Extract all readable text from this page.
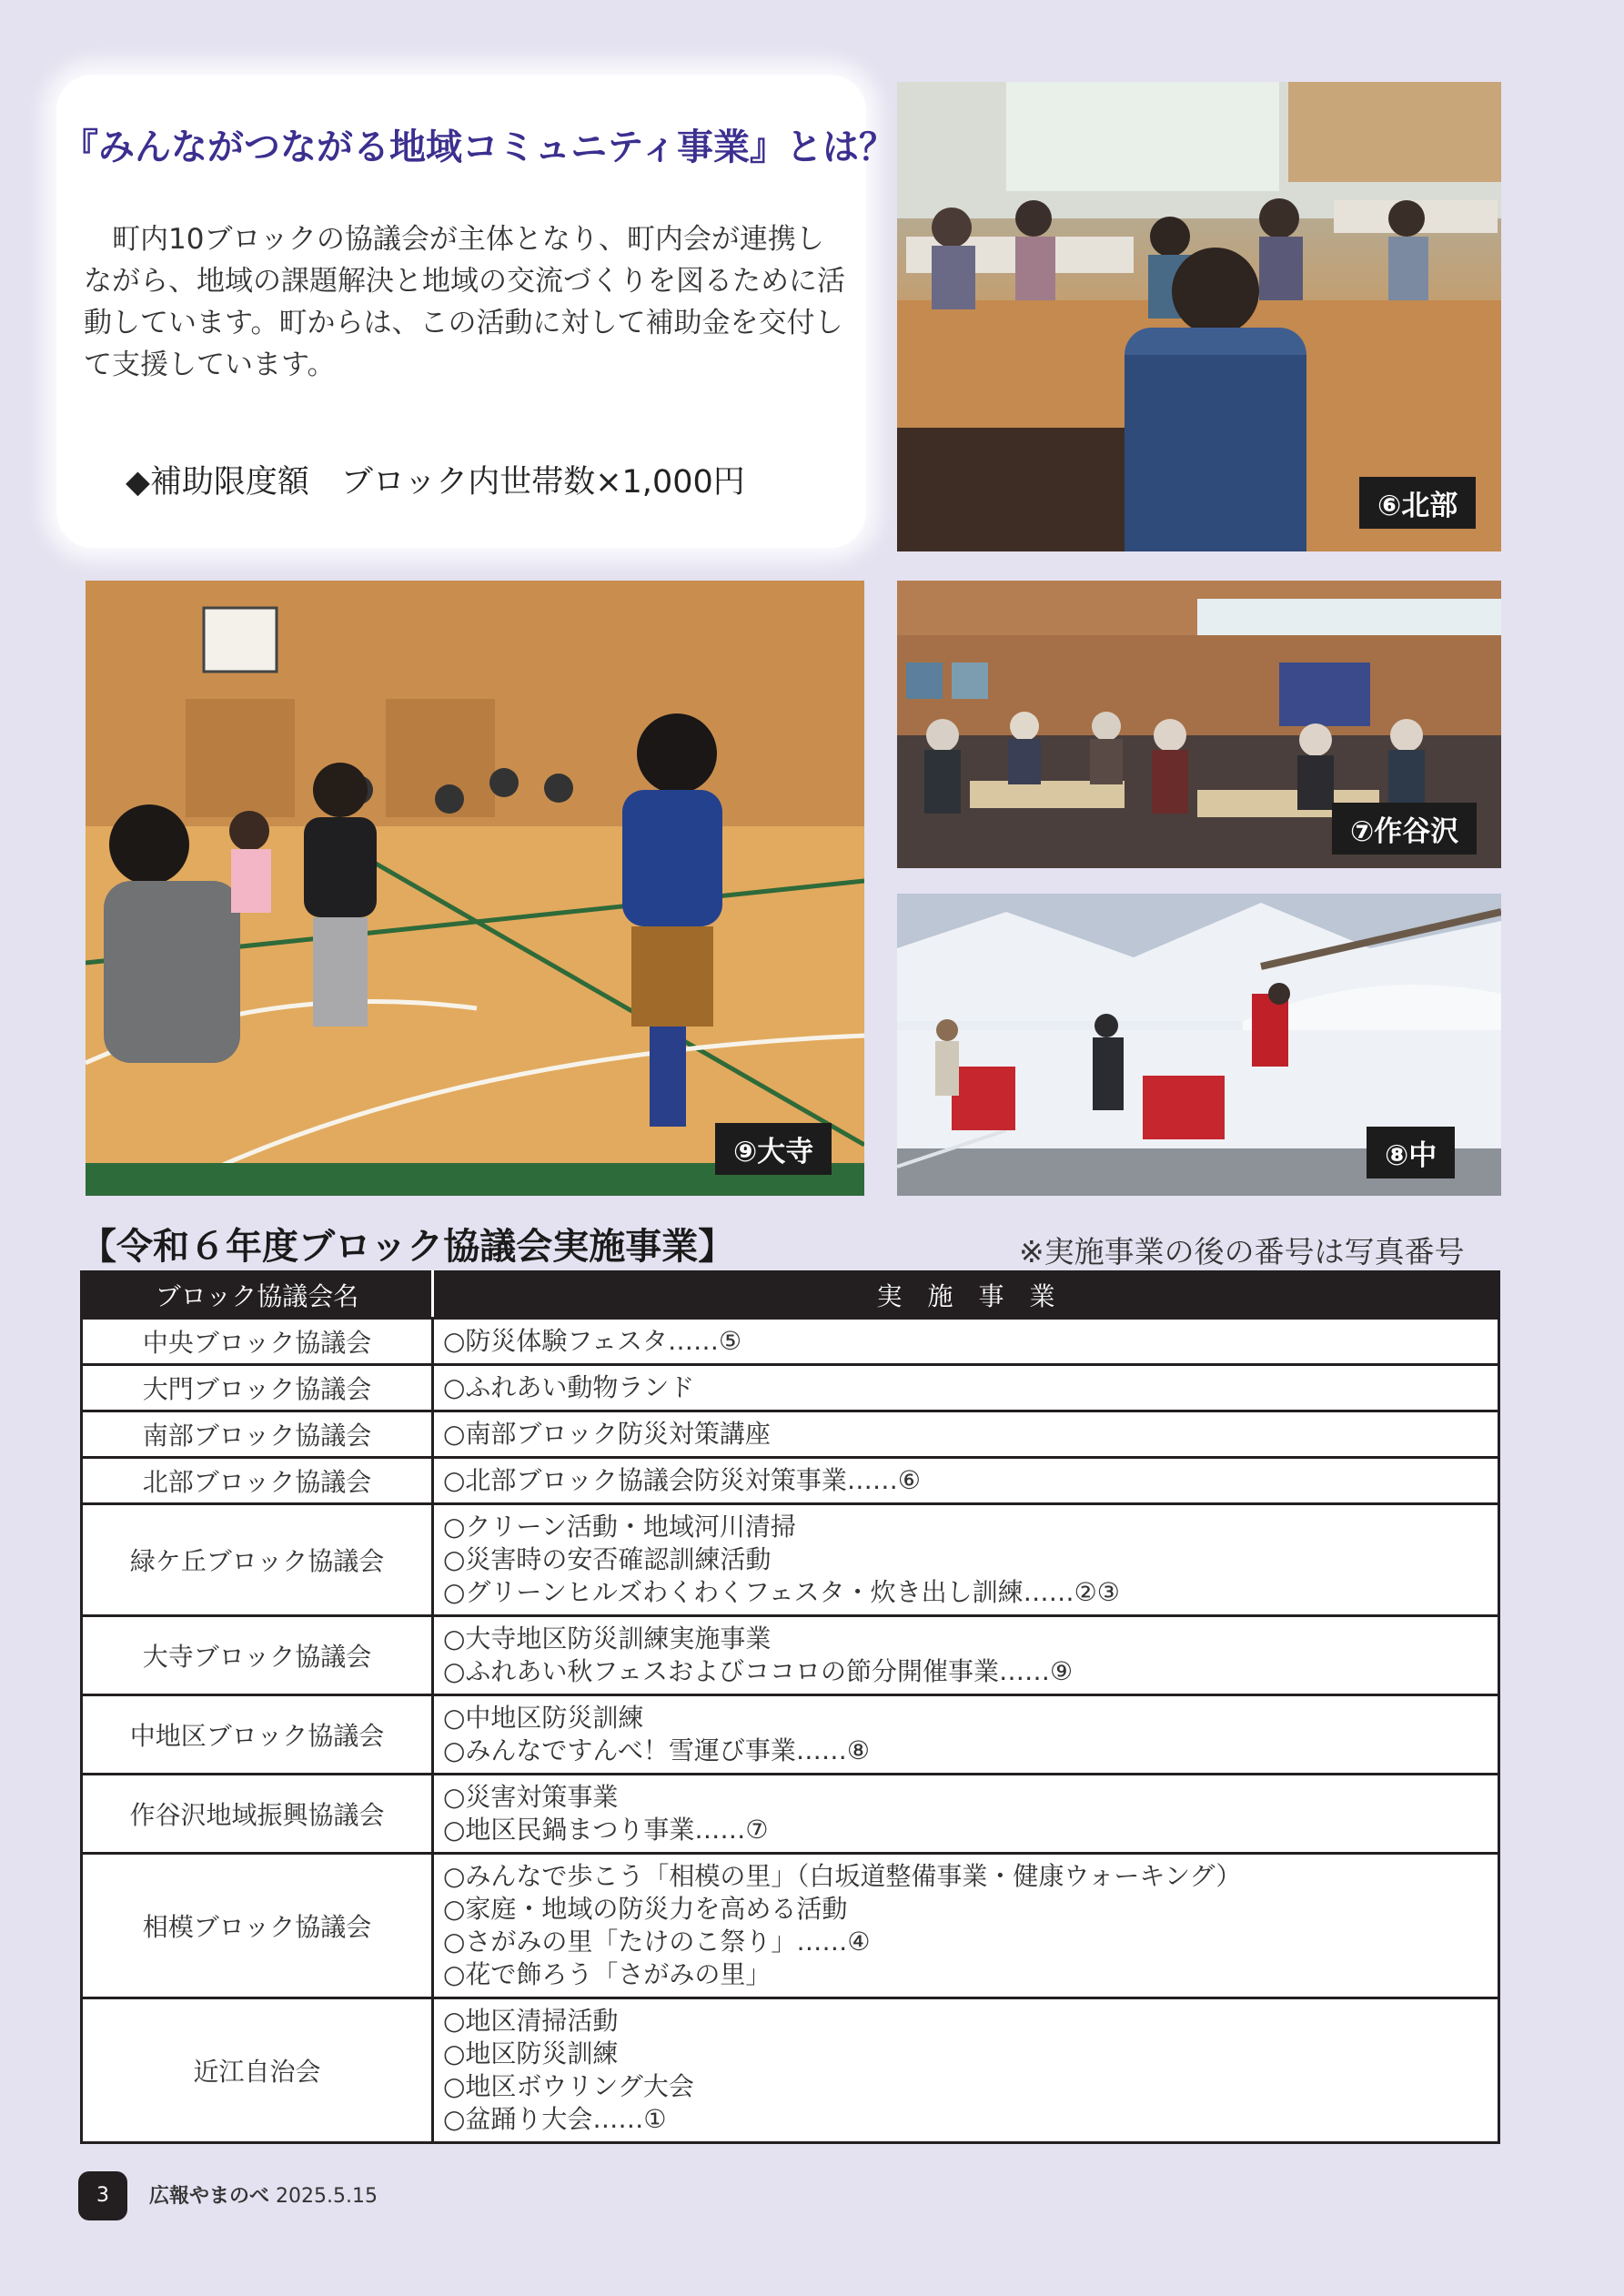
『みんながつながる地域コミュニティ事業』とは？

　町内10ブロックの協議会が主体となり、町内会が連携しながら、地域の課題解決と地域の交流づくりを図るために活動しています。町からは、この活動に対して補助金を交付して支援しています。

◆補助限度額　ブロック内世帯数×1,000円

⑥北部
⑨大寺
⑦作谷沢
⑧中
【令和６年度ブロック協議会実施事業】	※実施事業の後の番号は写真番号

ブロック協議会名	実　施　事　業
中央ブロック協議会	○防災体験フェスタ……⑤

大門ブロック協議会	○ふれあい動物ランド

南部ブロック協議会	○南部ブロック防災対策講座

北部ブロック協議会	○北部ブロック協議会防災対策事業……⑥

緑ケ丘ブロック協議会	○クリーン活動・地域河川清掃
○災害時の安否確認訓練活動
○グリーンヒルズわくわくフェスタ・炊き出し訓練……②③

大寺ブロック協議会	○大寺地区防災訓練実施事業
○ふれあい秋フェスおよびココロの節分開催事業……⑨

中地区ブロック協議会	○中地区防災訓練
○みんなですんべ！雪運び事業……⑧

作谷沢地域振興協議会	○災害対策事業
○地区民鍋まつり事業……⑦

相模ブロック協議会	○みんなで歩こう「相模の里」（白坂道整備事業・健康ウォーキング）
○家庭・地域の防災力を高める活動
○さがみの里「たけのこ祭り」……④
○花で飾ろう「さがみの里」

近江自治会	○地区清掃活動
○地区防災訓練
○地区ボウリング大会
○盆踊り大会……①
3	広報やまのべ 2025.5.15
